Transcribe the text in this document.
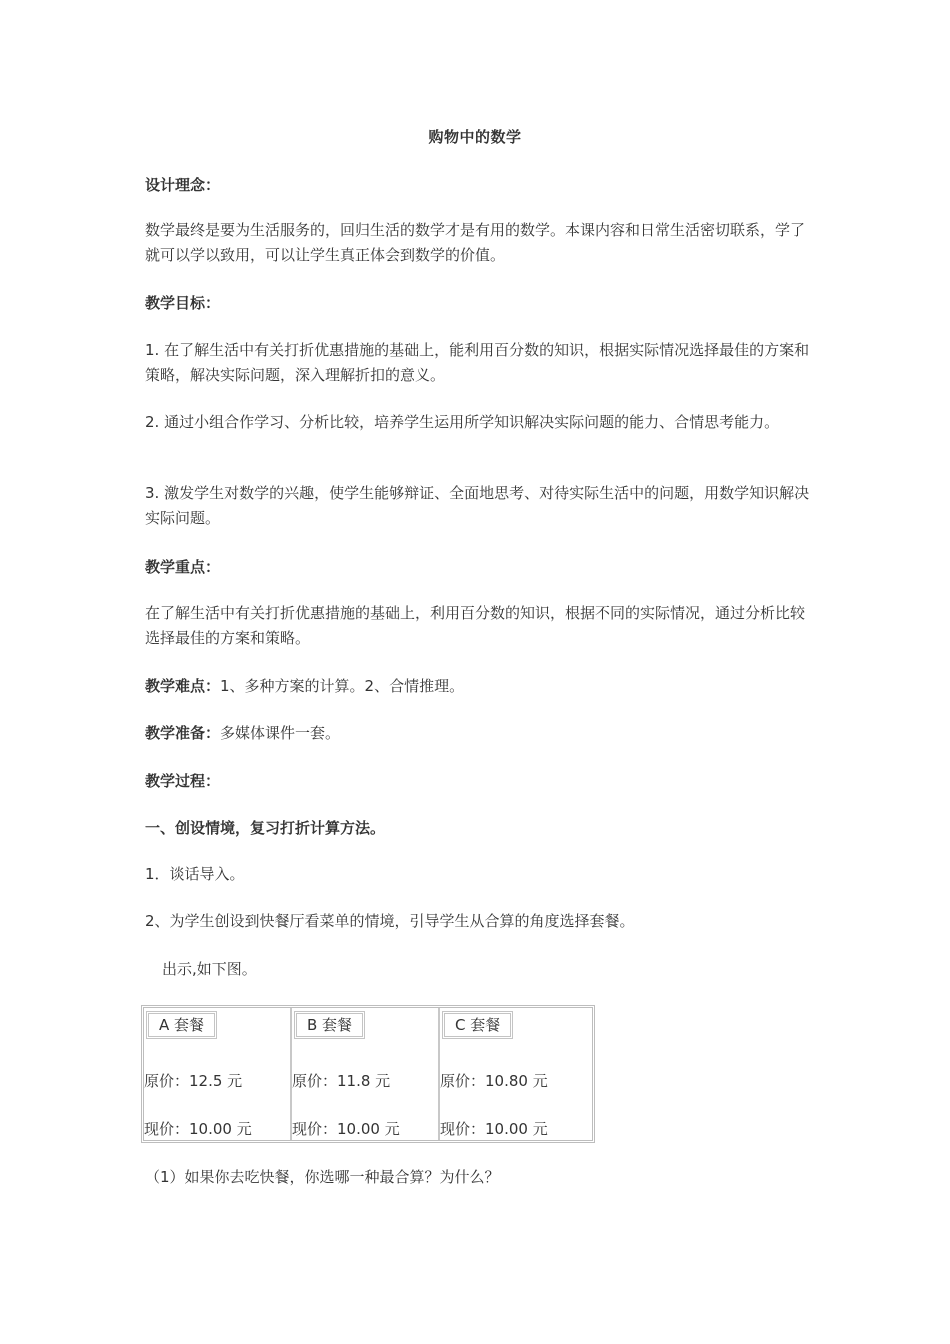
购物中的数学

设计理念：

数学最终是要为生活服务的，回归生活的数学才是有用的数学。本课内容和日常生活密切联系，学了就可以学以致用，可以让学生真正体会到数学的价值。

教学目标：

1. 在了解生活中有关打折优惠措施的基础上，能利用百分数的知识，根据实际情况选择最佳的方案和策略，解决实际问题，深入理解折扣的意义。

2. 通过小组合作学习、分析比较，培养学生运用所学知识解决实际问题的能力、合情思考能力。

3. 激发学生对数学的兴趣，使学生能够辩证、全面地思考、对待实际生活中的问题，用数学知识解决实际问题。

教学重点：

在了解生活中有关打折优惠措施的基础上，利用百分数的知识，根据不同的实际情况，通过分析比较选择最佳的方案和策略。

教学难点：1、多种方案的计算。2、合情推理。

教学准备：多媒体课件一套。

教学过程：

一、创设情境，复习打折计算方法。

1．谈话导入。

2、为学生创设到快餐厅看菜单的情境，引导学生从合算的角度选择套餐。

出示,如下图。

A 套餐
原价：12.5 元
现价：10.00 元
B 套餐
原价：11.8 元
现价：10.00 元
C 套餐
原价：10.80 元
现价：10.00 元

（1）如果你去吃快餐，你选哪一种最合算？为什么？
